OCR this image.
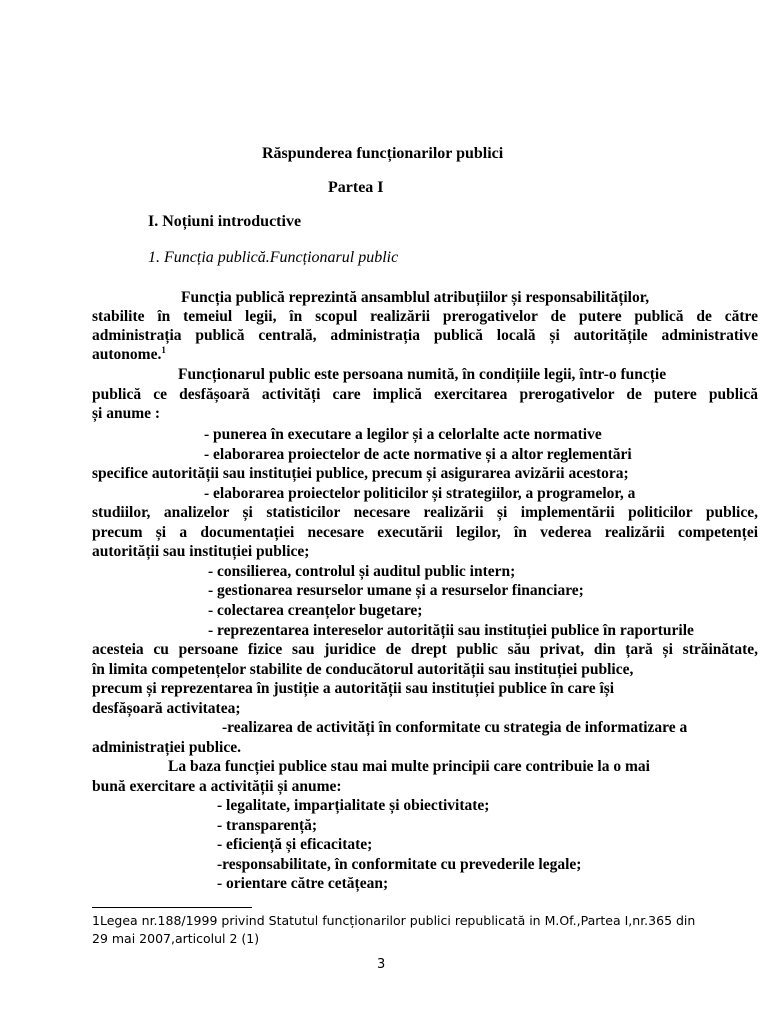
Răspunderea funcționarilor publici
Partea I
I. Noțiuni introductive
1. Funcția publică.Funcționarul public
Funcția publică reprezintă ansamblul atribuțiilor și responsabilităților,
stabilite în temeiul legii, în scopul realizării prerogativelor de putere publică de către
administrația publică centrală, administrația publică locală și autoritățile administrative
autonome.$^1$
Funcționarul public este persoana numită, în condițiile legii, într-o funcție
publică ce desfășoară activități care implică exercitarea prerogativelor de putere publică
și anume :
- punerea în executare a legilor și a celorlalte acte normative
- elaborarea proiectelor de acte normative și a altor reglementări
specifice autorității sau instituției publice, precum și asigurarea avizării acestora;
- elaborarea proiectelor politicilor și strategiilor, a programelor, a
studiilor, analizelor și statisticilor necesare realizării și implementării politicilor publice,
precum și a documentației necesare executării legilor, în vederea realizării competenței
autorității sau instituției publice;
- consilierea, controlul și auditul public intern;
- gestionarea resurselor umane și a resurselor financiare;
- colectarea creanțelor bugetare;
- reprezentarea intereselor autorității sau instituției publice în raporturile
acesteia cu persoane fizice sau juridice de drept public său privat, din țară și străinătate,
în limita competențelor stabilite de conducătorul autorității sau instituției publice,
precum și reprezentarea în justiție a autorității sau instituției publice în care își
desfășoară activitatea;
-realizarea de activități în conformitate cu strategia de informatizare a
administrației publice.
La baza funcției publice stau mai multe principii care contribuie la o mai
bună exercitare a activității și anume:
- legalitate, imparțialitate și obiectivitate;
- transparență;
- eficiență și eficacitate;
-responsabilitate, în conformitate cu prevederile legale;
- orientare către cetățean;
1Legea nr.188/1999 privind Statutul funcționarilor publici republicată in M.Of.,Partea I,nr.365 din
29 mai 2007,articolul 2 (1)
3
